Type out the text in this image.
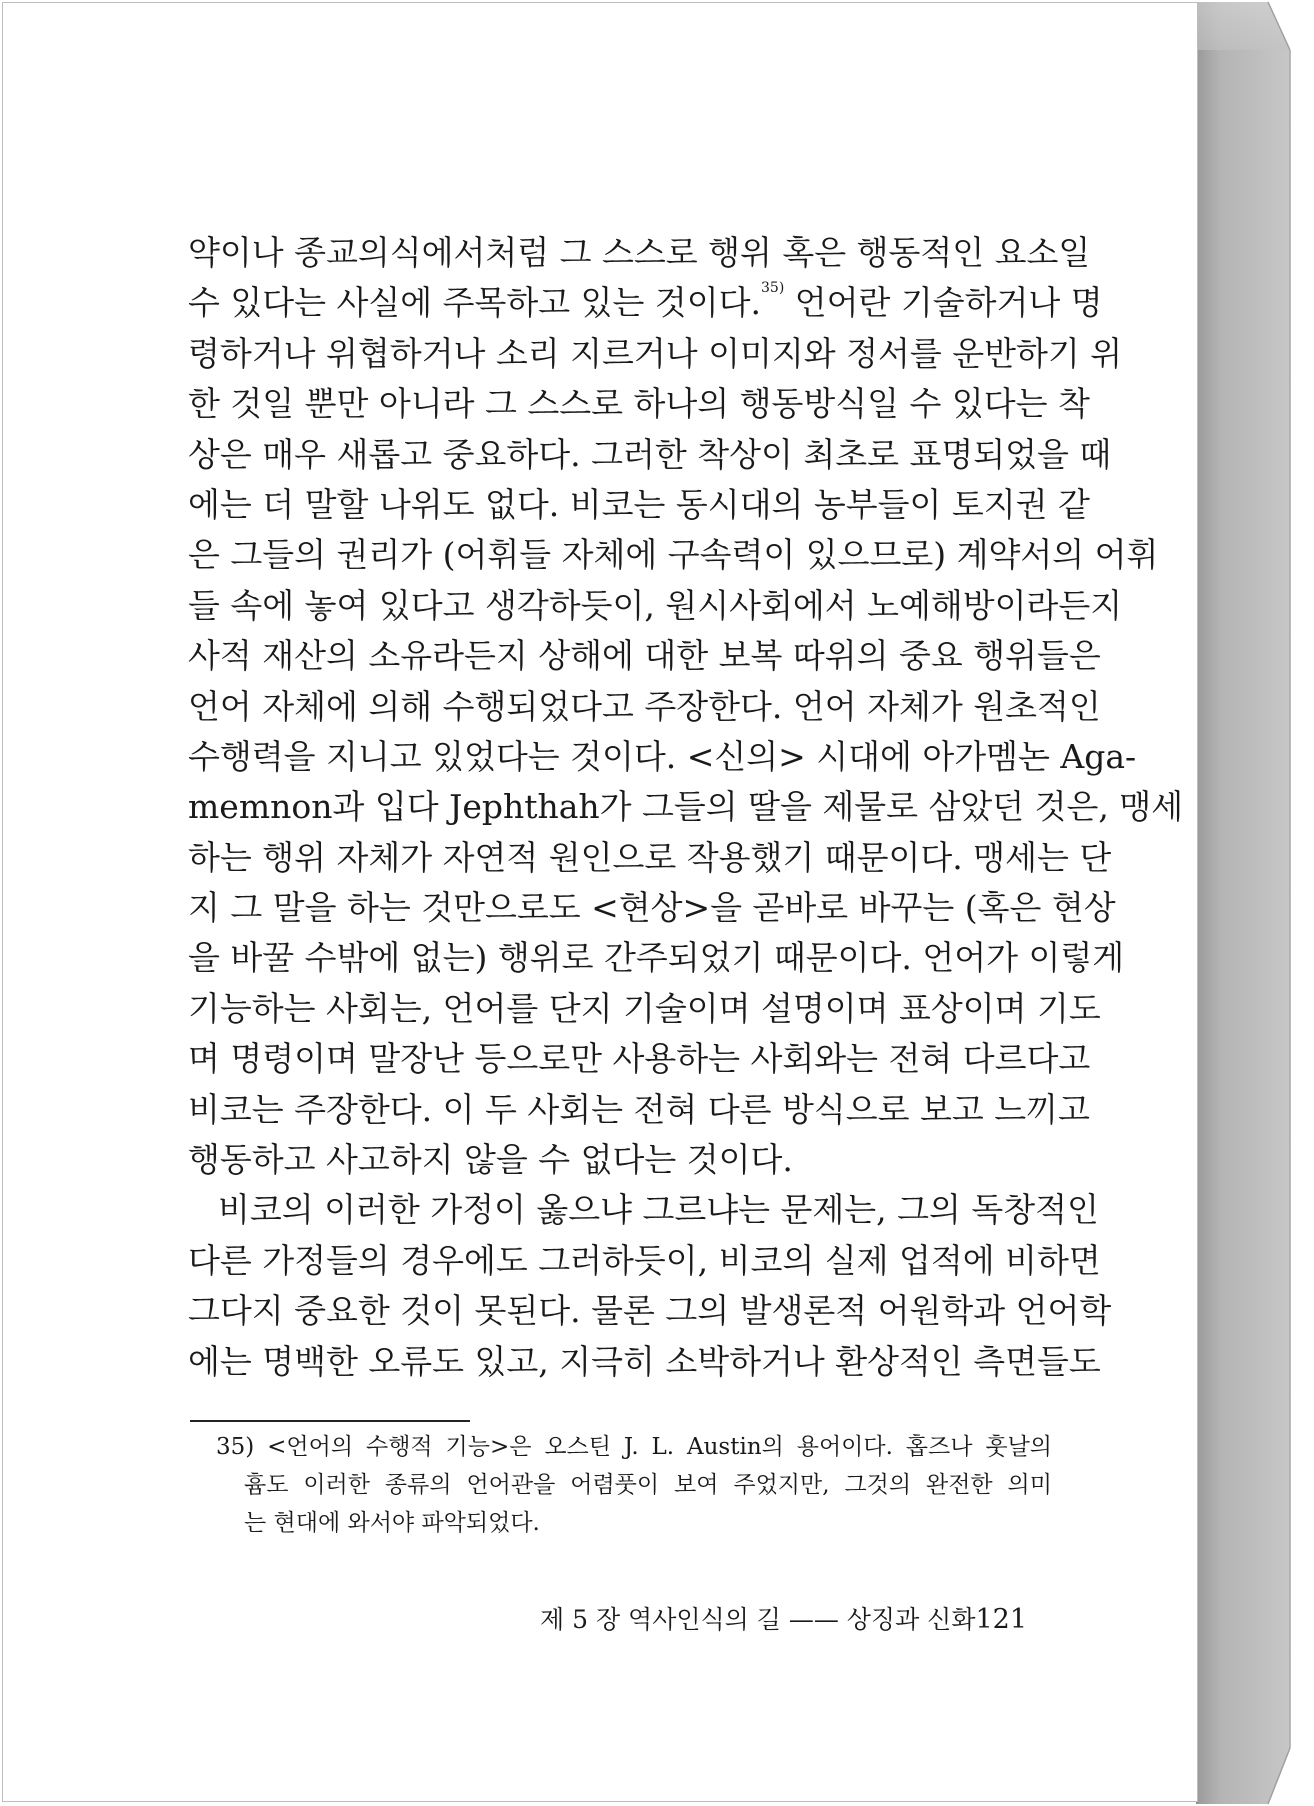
약이나 종교의식에서처럼 그 스스로 행위 혹은 행동적인 요소일
수 있다는 사실에 주목하고 있는 것이다.$^{35)}$ 언어란 기술하거나 명
령하거나 위협하거나 소리 지르거나 이미지와 정서를 운반하기 위
한 것일 뿐만 아니라 그 스스로 하나의 행동방식일 수 있다는 착
상은 매우 새롭고 중요하다. 그러한 착상이 최초로 표명되었을 때
에는 더 말할 나위도 없다. 비코는 동시대의 농부들이 토지권 같
은 그들의 권리가 (어휘들 자체에 구속력이 있으므로) 계약서의 어휘
들 속에 놓여 있다고 생각하듯이, 원시사회에서 노예해방이라든지
사적 재산의 소유라든지 상해에 대한 보복 따위의 중요 행위들은
언어 자체에 의해 수행되었다고 주장한다. 언어 자체가 원초적인
수행력을 지니고 있었다는 것이다. <신의> 시대에 아가멤논 Aga-
memnon과 입다 Jephthah가 그들의 딸을 제물로 삼았던 것은, 맹세
하는 행위 자체가 자연적 원인으로 작용했기 때문이다. 맹세는 단
지 그 말을 하는 것만으로도 <현상>을 곧바로 바꾸는 (혹은 현상
을 바꿀 수밖에 없는) 행위로 간주되었기 때문이다. 언어가 이렇게
기능하는 사회는, 언어를 단지 기술이며 설명이며 표상이며 기도
며 명령이며 말장난 등으로만 사용하는 사회와는 전혀 다르다고
비코는 주장한다. 이 두 사회는 전혀 다른 방식으로 보고 느끼고
행동하고 사고하지 않을 수 없다는 것이다.
비코의 이러한 가정이 옳으냐 그르냐는 문제는, 그의 독창적인
다른 가정들의 경우에도 그러하듯이, 비코의 실제 업적에 비하면
그다지 중요한 것이 못된다. 물론 그의 발생론적 어원학과 언어학
에는 명백한 오류도 있고, 지극히 소박하거나 환상적인 측면들도
35) <언어의 수행적 기능>은 오스틴 J. L. Austin의 용어이다. 홉즈나 훗날의
흄도 이러한 종류의 언어관을 어렴풋이 보여 주었지만, 그것의 완전한 의미
는 현대에 와서야 파악되었다.
제 5 장 역사인식의 길 —— 상징과 신화 121
